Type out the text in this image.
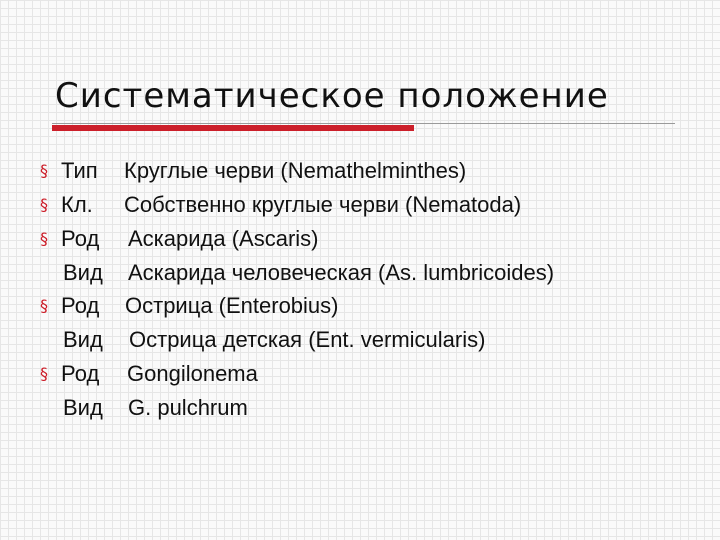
Систематическое положение
§ Тип Круглые черви (Nemathelminthes)
§ Кл. Собственно круглые черви (Nematoda)
§ Род Аскарида (Ascaris)
Вид Аскарида человеческая (As. lumbricoides)
§ Род Острица (Enterobius)
Вид Острица детская (Ent. vermicularis)
§ Род Gongilonema
Вид G. pulchrum
